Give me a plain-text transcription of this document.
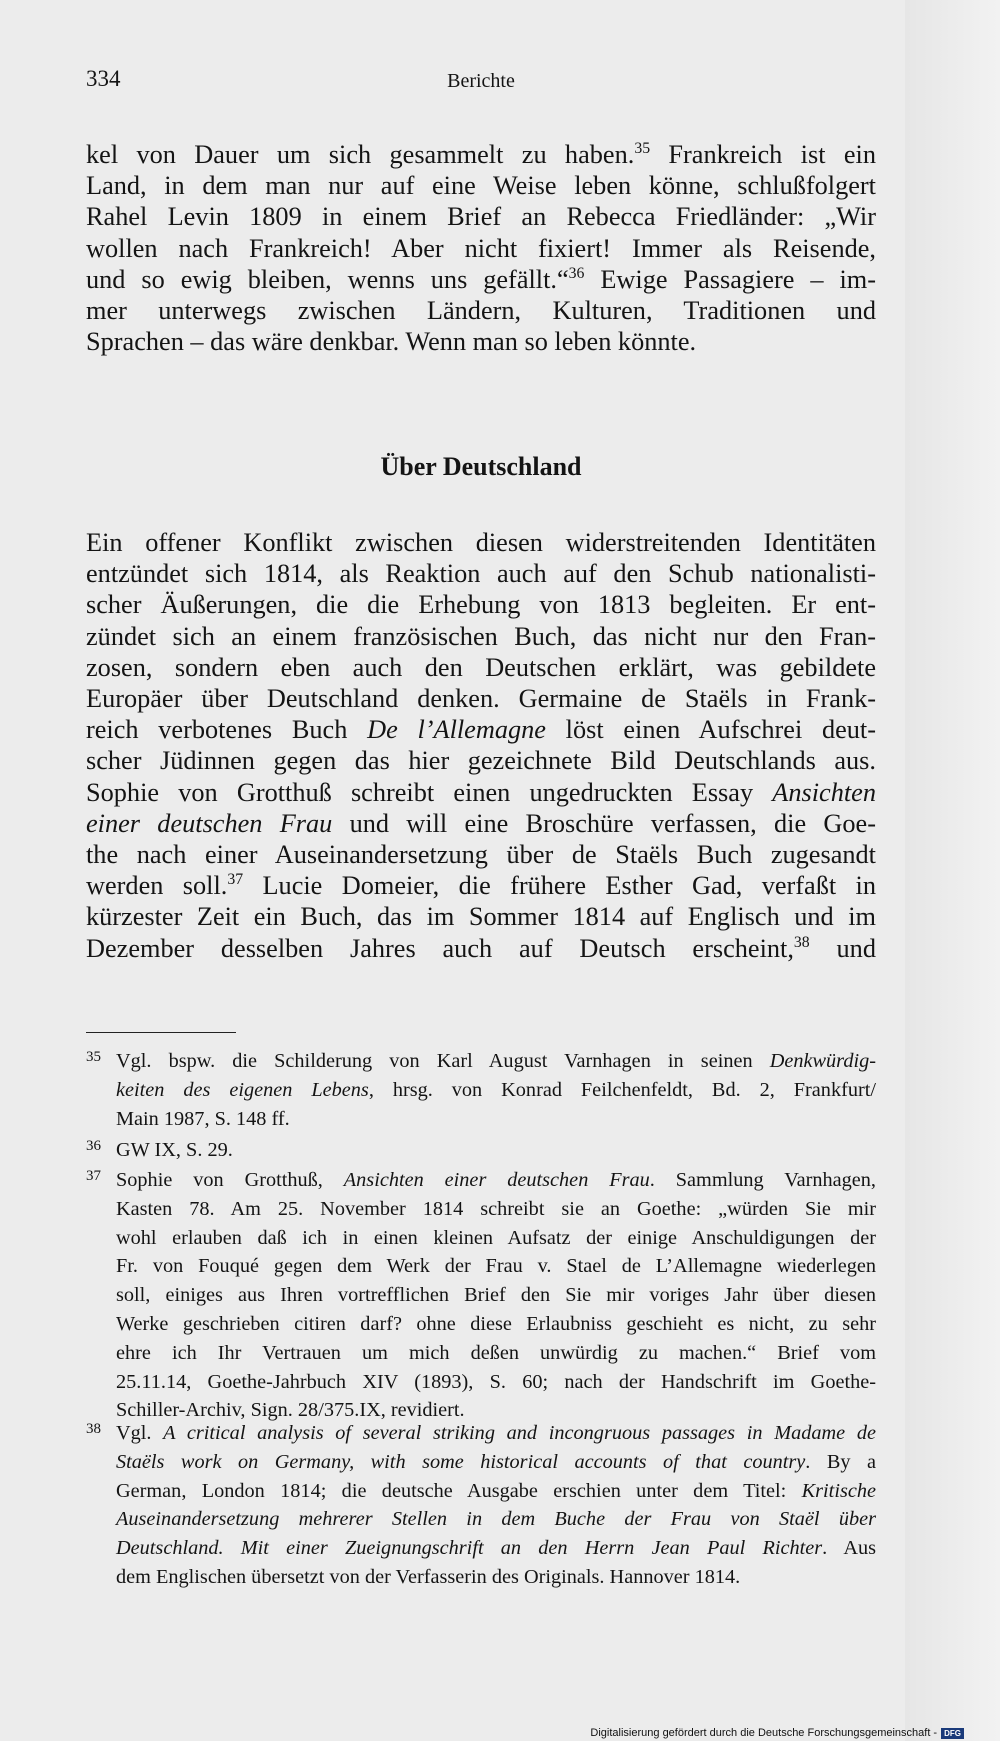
334	Berichte
kel von Dauer um sich gesammelt zu haben.$^{35}$ Frankreich ist ein
Land, in dem man nur auf eine Weise leben könne, schlußfolgert
Rahel Levin 1809 in einem Brief an Rebecca Friedländer: „Wir
wollen nach Frankreich! Aber nicht fixiert! Immer als Reisende,
und so ewig bleiben, wenns uns gefällt.“$^{36}$ Ewige Passagiere – im-
mer unterwegs zwischen Ländern, Kulturen, Traditionen und
Sprachen – das wäre denkbar. Wenn man so leben könnte.
Über Deutschland
Ein offener Konflikt zwischen diesen widerstreitenden Identitäten
entzündet sich 1814, als Reaktion auch auf den Schub nationalisti-
scher Äußerungen, die die Erhebung von 1813 begleiten. Er ent-
zündet sich an einem französischen Buch, das nicht nur den Fran-
zosen, sondern eben auch den Deutschen erklärt, was gebildete
Europäer über Deutschland denken. Germaine de Staëls in Frank-
reich verbotenes Buch De l’Allemagne löst einen Aufschrei deut-
scher Jüdinnen gegen das hier gezeichnete Bild Deutschlands aus.
Sophie von Grotthuß schreibt einen ungedruckten Essay Ansichten
einer deutschen Frau und will eine Broschüre verfassen, die Goe-
the nach einer Auseinandersetzung über de Staëls Buch zugesandt
werden soll.$^{37}$ Lucie Domeier, die frühere Esther Gad, verfaßt in
kürzester Zeit ein Buch, das im Sommer 1814 auf Englisch und im
Dezember desselben Jahres auch auf Deutsch erscheint,$^{38}$ und
35 Vgl. bspw. die Schilderung von Karl August Varnhagen in seinen Denkwürdig-
keiten des eigenen Lebens, hrsg. von Konrad Feilchenfeldt, Bd. 2, Frankfurt/
Main 1987, S. 148 ff.
36 GW IX, S. 29.
37 Sophie von Grotthuß, Ansichten einer deutschen Frau. Sammlung Varnhagen,
Kasten 78. Am 25. November 1814 schreibt sie an Goethe: „würden Sie mir
wohl erlauben daß ich in einen kleinen Aufsatz der einige Anschuldigungen der
Fr. von Fouqué gegen dem Werk der Frau v. Stael de L’Allemagne wiederlegen
soll, einiges aus Ihren vortrefflichen Brief den Sie mir voriges Jahr über diesen
Werke geschrieben citiren darf? ohne diese Erlaubniss geschieht es nicht, zu sehr
ehre ich Ihr Vertrauen um mich deßen unwürdig zu machen.“ Brief vom
25.11.14, Goethe-Jahrbuch XIV (1893), S. 60; nach der Handschrift im Goethe-
Schiller-Archiv, Sign. 28/375.IX, revidiert.
38 Vgl. A critical analysis of several striking and incongruous passages in Madame de
Staëls work on Germany, with some historical accounts of that country. By a
German, London 1814; die deutsche Ausgabe erschien unter dem Titel: Kritische
Auseinandersetzung mehrerer Stellen in dem Buche der Frau von Staël über
Deutschland. Mit einer Zueignungschrift an den Herrn Jean Paul Richter. Aus
dem Englischen übersetzt von der Verfasserin des Originals. Hannover 1814.
Digitalisierung gefördert durch die Deutsche Forschungsgemeinschaft - DFG
